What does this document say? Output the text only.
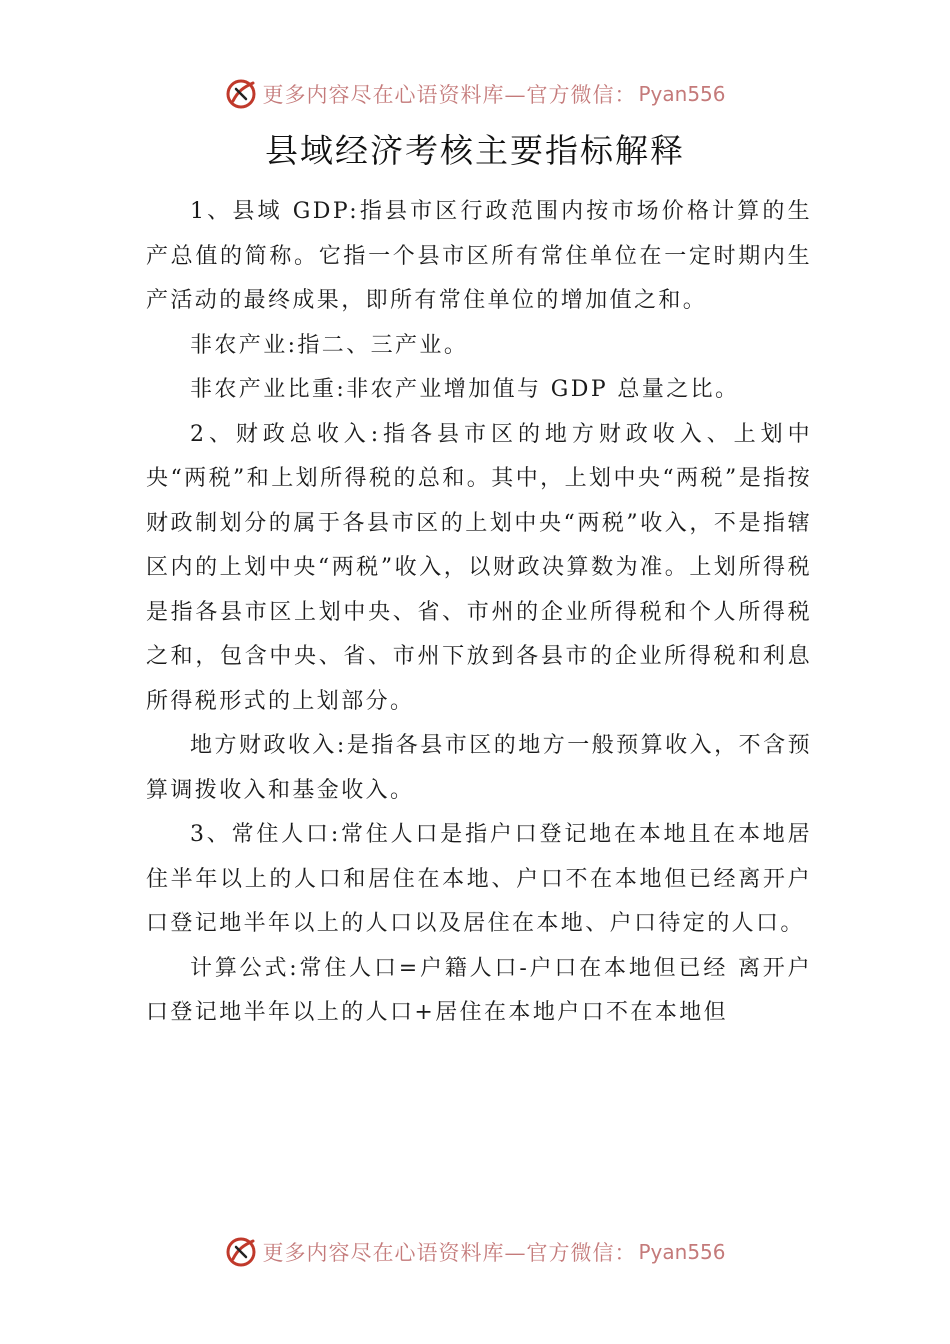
更多内容尽在心语资料库—官方微信： Pyan556
县域经济考核主要指标解释

1、县域 GDP:指县市区行政范围内按市场价格计算的生产总值的简称。它指一个县市区所有常住单位在一定时期内生产活动的最终成果，即所有常住单位的增加值之和。

非农产业:指二、三产业。

非农产业比重:非农产业增加值与 GDP 总量之比。

2、财政总收入:指各县市区的地方财政收入、上划中央“两税”和上划所得税的总和。其中，上划中央“两税”是指按财政制划分的属于各县市区的上划中央“两税”收入，不是指辖区内的上划中央“两税”收入，以财政决算数为准。上划所得税是指各县市区上划中央、省、市州的企业所得税和个人所得税之和，包含中央、省、市州下放到各县市的企业所得税和利息所得税形式的上划部分。

地方财政收入:是指各县市区的地方一般预算收入，不含预算调拨收入和基金收入。

3、常住人口:常住人口是指户口登记地在本地且在本地居住半年以上的人口和居住在本地、户口不在本地但已经离开户口登记地半年以上的人口以及居住在本地、户口待定的人口。

计算公式:常住人口=户籍人口-户口在本地但已经 离开户口登记地半年以上的人口+居住在本地户口不在本地但

更多内容尽在心语资料库—官方微信： Pyan556
